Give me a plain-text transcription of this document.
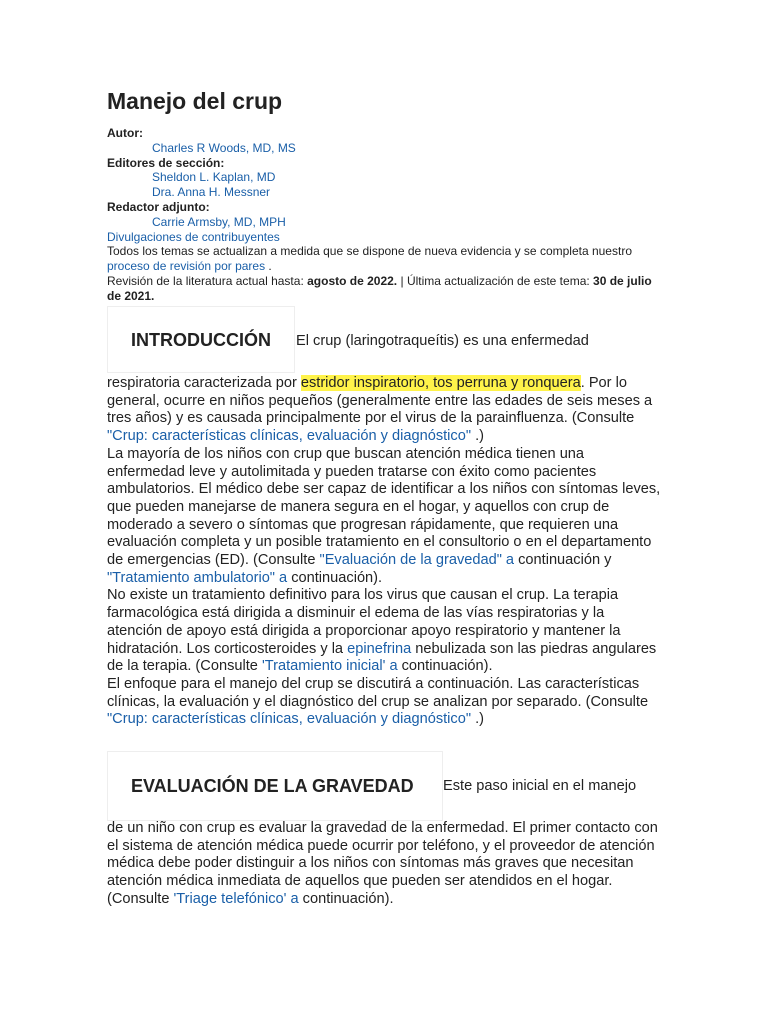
Manejo del crup
Autor:
Charles R Woods, MD, MS
Editores de sección:
Sheldon L. Kaplan, MD
Dra. Anna H. Messner
Redactor adjunto:
Carrie Armsby, MD, MPH
Divulgaciones de contribuyentes
Todos los temas se actualizan a medida que se dispone de nueva evidencia y se completa nuestro proceso de revisión por pares .
Revisión de la literatura actual hasta: agosto de 2022. | Última actualización de este tema: 30 de julio de 2021.
INTRODUCCIÓN El crup (laringotraqueítis) es una enfermedad

respiratoria caracterizada por estridor inspiratorio, tos perruna y ronquera. Por lo general, ocurre en niños pequeños (generalmente entre las edades de seis meses a tres años) y es causada principalmente por el virus de la parainfluenza. (Consulte "Crup: características clínicas, evaluación y diagnóstico" .)

La mayoría de los niños con crup que buscan atención médica tienen una enfermedad leve y autolimitada y pueden tratarse con éxito como pacientes ambulatorios. El médico debe ser capaz de identificar a los niños con síntomas leves, que pueden manejarse de manera segura en el hogar, y aquellos con crup de moderado a severo o síntomas que progresan rápidamente, que requieren una evaluación completa y un posible tratamiento en el consultorio o en el departamento de emergencias (ED). (Consulte "Evaluación de la gravedad" a continuación y "Tratamiento ambulatorio" a continuación).

No existe un tratamiento definitivo para los virus que causan el crup. La terapia farmacológica está dirigida a disminuir el edema de las vías respiratorias y la atención de apoyo está dirigida a proporcionar apoyo respiratorio y mantener la hidratación. Los corticosteroides y la epinefrina nebulizada son las piedras angulares de la terapia. (Consulte 'Tratamiento inicial' a continuación).

El enfoque para el manejo del crup se discutirá a continuación. Las características clínicas, la evaluación y el diagnóstico del crup se analizan por separado. (Consulte "Crup: características clínicas, evaluación y diagnóstico" .)

EVALUACIÓN DE LA GRAVEDAD Este paso inicial en el manejo

de un niño con crup es evaluar la gravedad de la enfermedad. El primer contacto con el sistema de atención médica puede ocurrir por teléfono, y el proveedor de atención médica debe poder distinguir a los niños con síntomas más graves que necesitan atención médica inmediata de aquellos que pueden ser atendidos en el hogar. (Consulte 'Triage telefónico' a continuación).
